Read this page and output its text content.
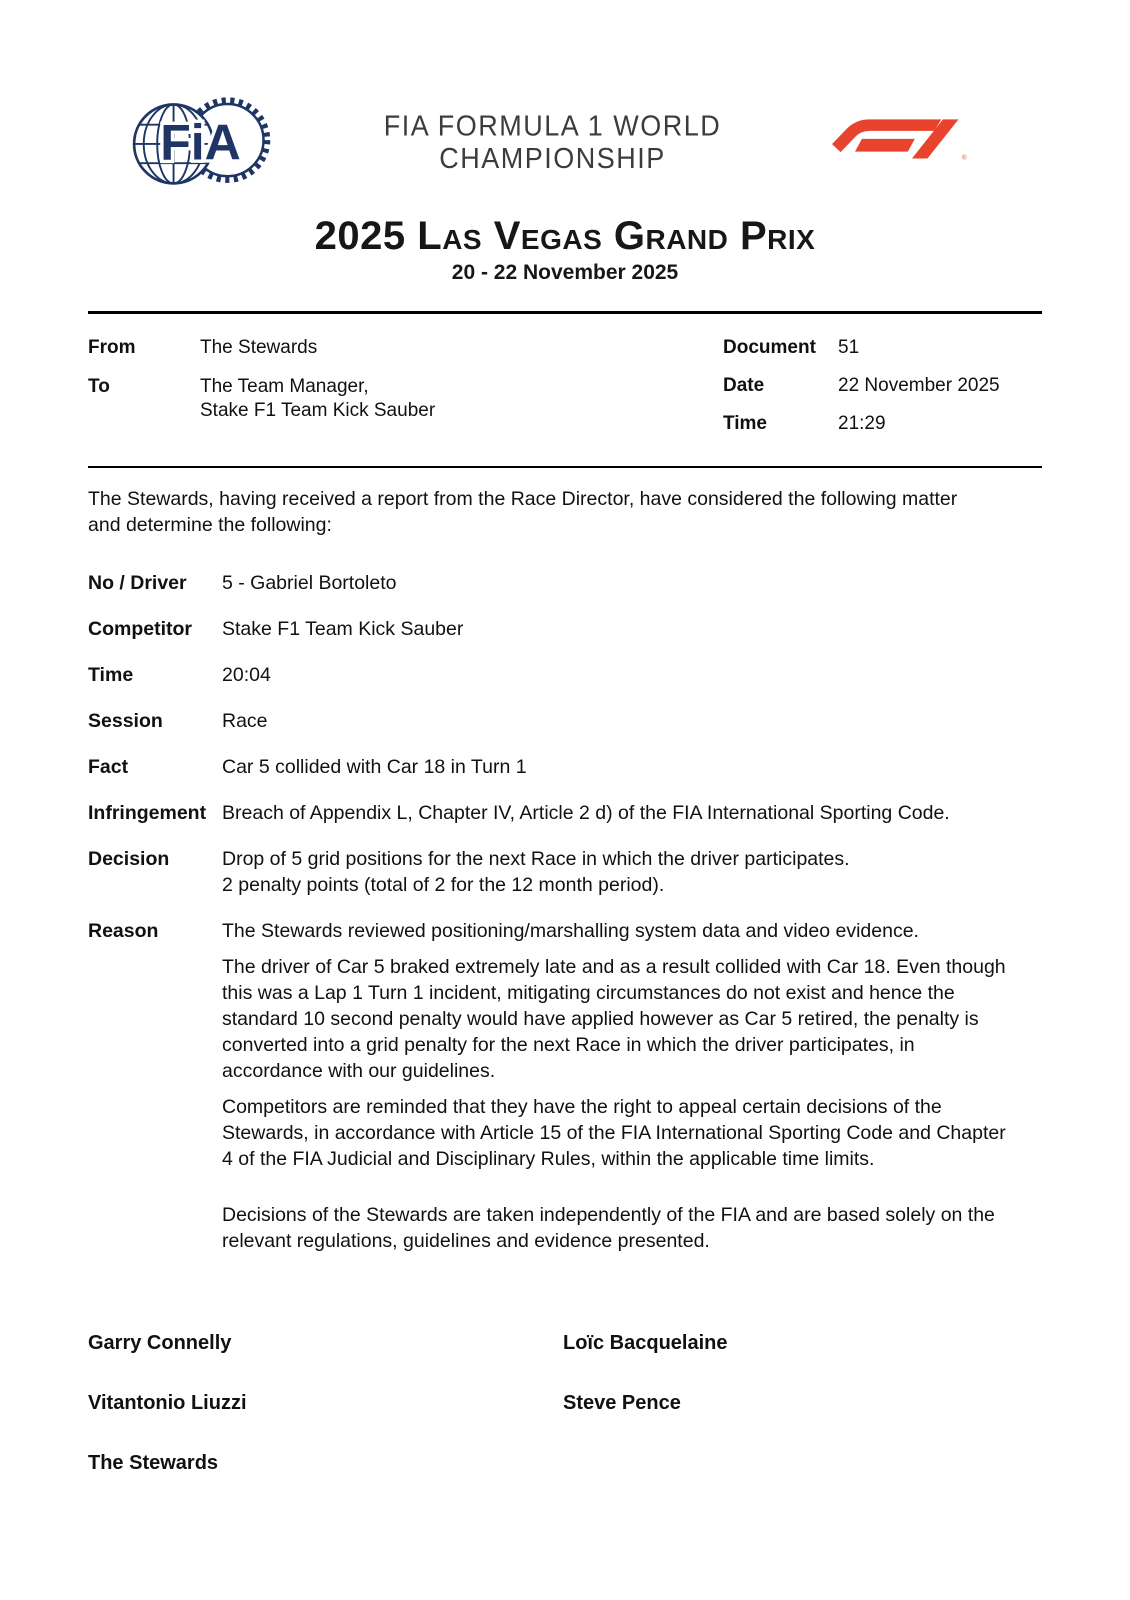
FiA	FIA FORMULA 1 WORLD CHAMPIONSHIP	®
2025 Las Vegas Grand Prix
20 - 22 November 2025
From	The Stewards
To	The Team Manager,
Stake F1 Team Kick Sauber
Document	51
Date	22 November 2025
Time	21:29

The Stewards, having received a report from the Race Director, have considered the following matter and determine the following:

No / Driver	5 - Gabriel Bortoleto
Competitor	Stake F1 Team Kick Sauber
Time	20:04
Session	Race
Fact	Car 5 collided with Car 18 in Turn 1
Infringement Breach of Appendix L, Chapter IV, Article 2 d) of the FIA International Sporting Code.
Decision	Drop of 5 grid positions for the next Race in which the driver participates.
2 penalty points (total of 2 for the 12 month period).
Reason	The Stewards reviewed positioning/marshalling system data and video evidence.

The driver of Car 5 braked extremely late and as a result collided with Car 18. Even though this was a Lap 1 Turn 1 incident, mitigating circumstances do not exist and hence the standard 10 second penalty would have applied however as Car 5 retired, the penalty is converted into a grid penalty for the next Race in which the driver participates, in accordance with our guidelines.

Competitors are reminded that they have the right to appeal certain decisions of the Stewards, in accordance with Article 15 of the FIA International Sporting Code and Chapter 4 of the FIA Judicial and Disciplinary Rules, within the applicable time limits.

Decisions of the Stewards are taken independently of the FIA and are based solely on the relevant regulations, guidelines and evidence presented.

Garry Connelly	Loïc Bacquelaine
Vitantonio Liuzzi	Steve Pence
The Stewards
